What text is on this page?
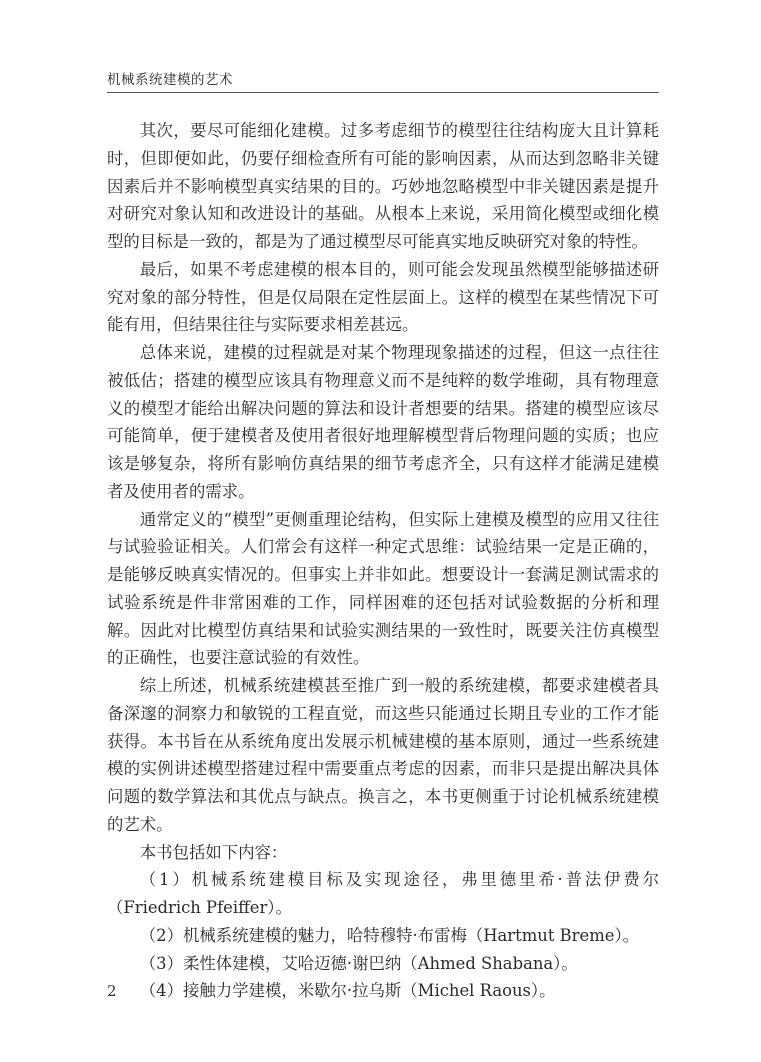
机械系统建模的艺术

其次，要尽可能细化建模。过多考虑细节的模型往往结构庞大且计算耗时，但即便如此，仍要仔细检查所有可能的影响因素，从而达到忽略非关键因素后并不影响模型真实结果的目的。巧妙地忽略模型中非关键因素是提升对研究对象认知和改进设计的基础。从根本上来说，采用简化模型或细化模型的目标是一致的，都是为了通过模型尽可能真实地反映研究对象的特性。

最后，如果不考虑建模的根本目的，则可能会发现虽然模型能够描述研究对象的部分特性，但是仅局限在定性层面上。这样的模型在某些情况下可能有用，但结果往往与实际要求相差甚远。

总体来说，建模的过程就是对某个物理现象描述的过程，但这一点往往被低估；搭建的模型应该具有物理意义而不是纯粹的数学堆砌，具有物理意义的模型才能给出解决问题的算法和设计者想要的结果。搭建的模型应该尽可能简单，便于建模者及使用者很好地理解模型背后物理问题的实质；也应该是够复杂，将所有影响仿真结果的细节考虑齐全，只有这样才能满足建模者及使用者的需求。

通常定义的“模型”更侧重理论结构，但实际上建模及模型的应用又往往与试验验证相关。人们常会有这样一种定式思维：试验结果一定是正确的，是能够反映真实情况的。但事实上并非如此。想要设计一套满足测试需求的试验系统是件非常困难的工作，同样困难的还包括对试验数据的分析和理解。因此对比模型仿真结果和试验实测结果的一致性时，既要关注仿真模型的正确性，也要注意试验的有效性。

综上所述，机械系统建模甚至推广到一般的系统建模，都要求建模者具备深邃的洞察力和敏锐的工程直觉，而这些只能通过长期且专业的工作才能获得。本书旨在从系统角度出发展示机械建模的基本原则，通过一些系统建模的实例讲述模型搭建过程中需要重点考虑的因素，而非只是提出解决具体问题的数学算法和其优点与缺点。换言之，本书更侧重于讨论机械系统建模的艺术。

本书包括如下内容：

（1）机械系统建模目标及实现途径，弗里德里希·普法伊费尔（Friedrich Pfeiffer）。

（2）机械系统建模的魅力，哈特穆特·布雷梅（Hartmut Breme）。

（3）柔性体建模，艾哈迈德·谢巴纳（Ahmed Shabana）。

（4）接触力学建模，米歇尔·拉乌斯（Michel Raous）。

2
